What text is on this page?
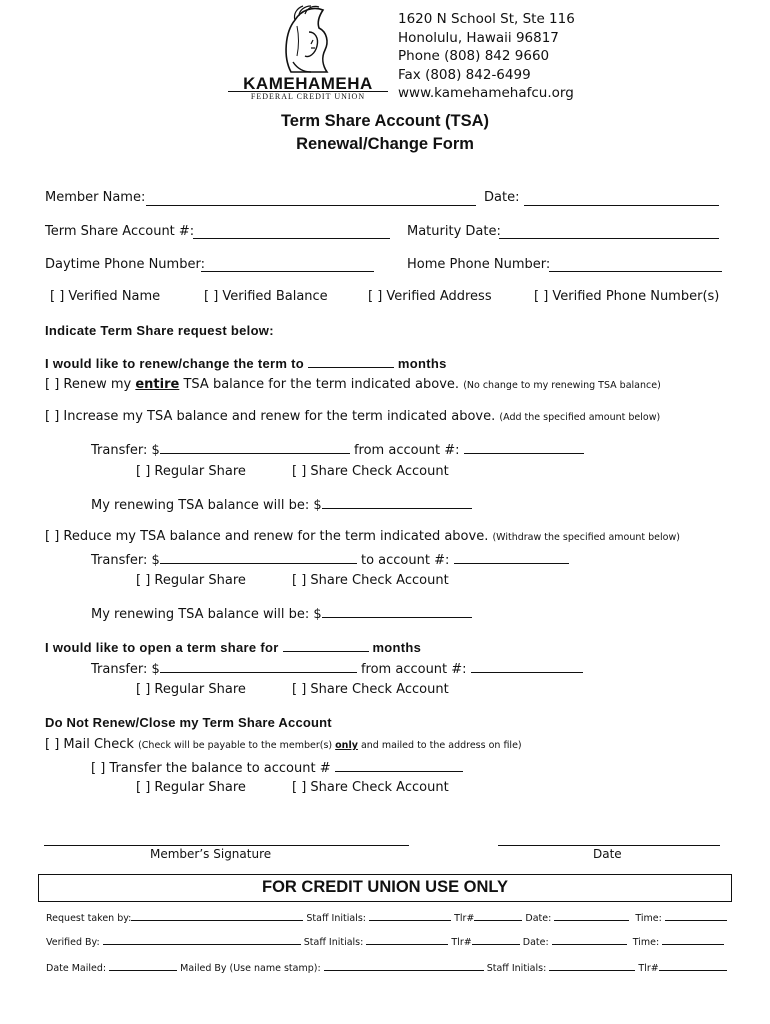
KAMEHAMEHA
FEDERAL CREDIT UNION
1620 N School St, Ste 116
Honolulu, Hawaii 96817
Phone (808) 842 9660
Fax (808) 842-6499
www.kamehamehafcu.org
Term Share Account (TSA)
Renewal/Change Form
Member Name:	Date:
Term Share Account #:	Maturity Date:
Daytime Phone Number:	Home Phone Number:
[ ] Verified Name	[ ] Verified Balance	[ ] Verified Address	[ ] Verified Phone Number(s)
Indicate Term Share request below:
I would like to renew/change the term to	months
[ ] Renew my entire TSA balance for the term indicated above. (No change to my renewing TSA balance)
[ ] Increase my TSA balance and renew for the term indicated above. (Add the specified amount below)
Transfer: $	from account #:
[ ] Regular Share	[ ] Share Check Account
My renewing TSA balance will be: $
[ ] Reduce my TSA balance and renew for the term indicated above. (Withdraw the specified amount below)
Transfer: $	to account #:
[ ] Regular Share	[ ] Share Check Account
My renewing TSA balance will be: $
I would like to open a term share for	months
Transfer: $	from account #:
[ ] Regular Share	[ ] Share Check Account
Do Not Renew/Close my Term Share Account
[ ] Mail Check (Check will be payable to the member(s) only and mailed to the address on file)
[ ] Transfer the balance to account #
[ ] Regular Share	[ ] Share Check Account
Member’s Signature	Date
FOR CREDIT UNION USE ONLY
Request taken by:	Staff Initials:	Tlr#	Date:	Time:
Verified By:	Staff Initials:	Tlr#	Date:	Time:
Date Mailed:	Mailed By (Use name stamp):	Staff Initials:	Tlr#
